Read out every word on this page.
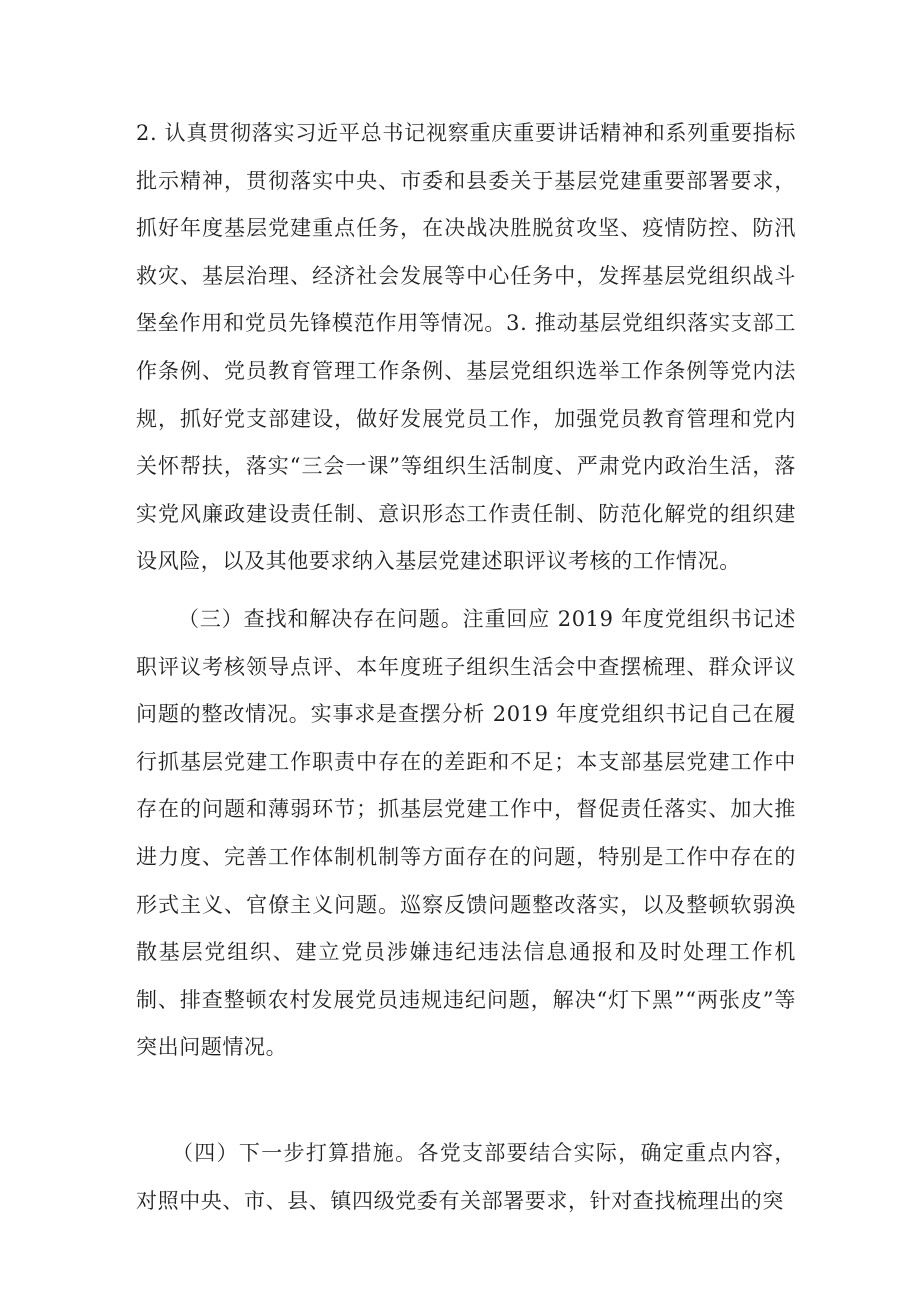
2. 认真贯彻落实习近平总书记视察重庆重要讲话精神和系列重要指标批示精神，贯彻落实中央、市委和县委关于基层党建重要部署要求，抓好年度基层党建重点任务，在决战决胜脱贫攻坚、疫情防控、防汛救灾、基层治理、经济社会发展等中心任务中，发挥基层党组织战斗堡垒作用和党员先锋模范作用等情况。3. 推动基层党组织落实支部工作条例、党员教育管理工作条例、基层党组织选举工作条例等党内法规，抓好党支部建设，做好发展党员工作，加强党员教育管理和党内关怀帮扶，落实“三会一课”等组织生活制度、严肃党内政治生活，落实党风廉政建设责任制、意识形态工作责任制、防范化解党的组织建设风险，以及其他要求纳入基层党建述职评议考核的工作情况。

（三）查找和解决存在问题。注重回应 2019 年度党组织书记述职评议考核领导点评、本年度班子组织生活会中查摆梳理、群众评议问题的整改情况。实事求是查摆分析 2019 年度党组织书记自己在履行抓基层党建工作职责中存在的差距和不足；本支部基层党建工作中存在的问题和薄弱环节；抓基层党建工作中，督促责任落实、加大推进力度、完善工作体制机制等方面存在的问题，特别是工作中存在的形式主义、官僚主义问题。巡察反馈问题整改落实，以及整顿软弱涣散基层党组织、建立党员涉嫌违纪违法信息通报和及时处理工作机制、排查整顿农村发展党员违规违纪问题，解决“灯下黑”“两张皮”等突出问题情况。

（四）下一步打算措施。各党支部要结合实际，确定重点内容，对照中央、市、县、镇四级党委有关部署要求，针对查找梳理出的突
